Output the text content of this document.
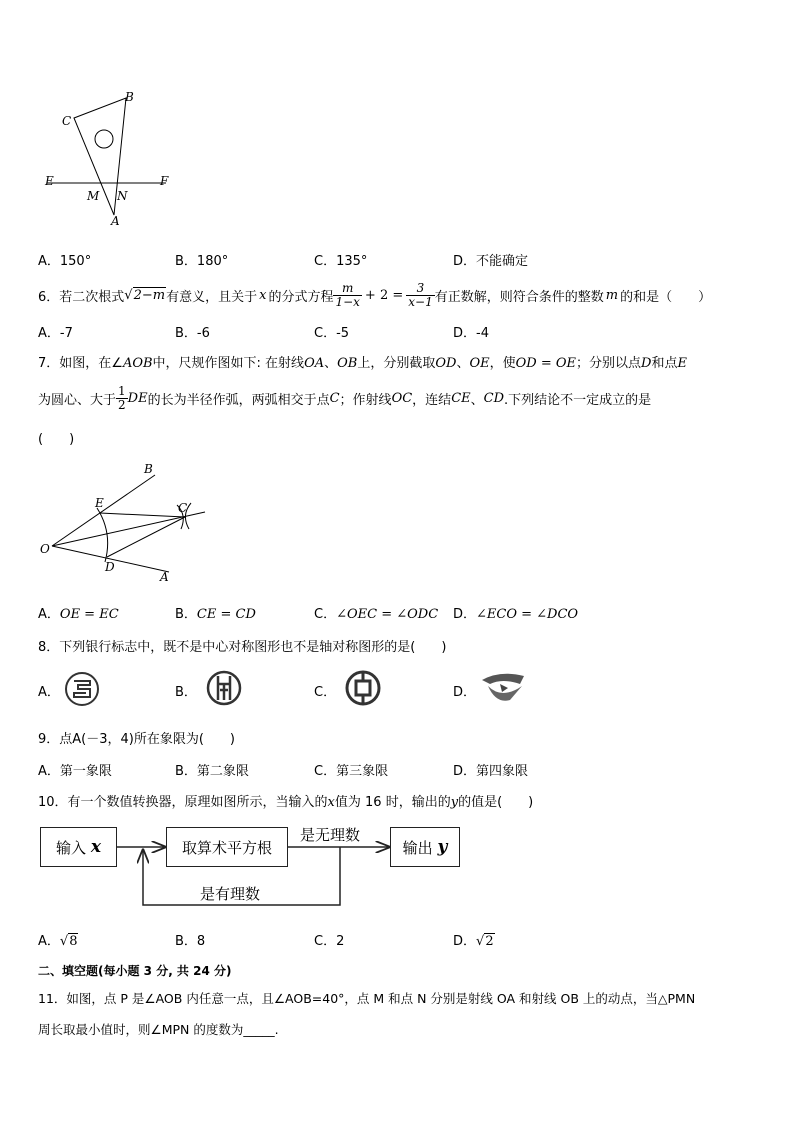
B
C
E	F
M N
A
A．150°	B．180°	C．135°	D．不能确定
6．若二次根式 √2−m 有意义，且关于 x 的分式方程 $\frac{m}{1-x} + 2 = \frac{3}{x-1}$ 有正数解，则符合条件的整数 m 的和是（　　）
A．-7	B．-6	C．-5	D．-4
7．如图，在∠AOB中，尺规作图如下: 在射线OA、OB上，分别截取OD、OE，使OD = OE；分别以点D和点E
为圆心、大于 $\frac{1}{2}$ DE 的长为半径作弧，两弧相交于点 C ；作射线 OC ，连结 CE 、 CD .下列结论不一定成立的是
(　　)
B
E	C
O
D
A
A．OE = EC	B．CE = CD	C．∠OEC = ∠ODC D．∠ECO = ∠DCO
8．下列银行标志中，既不是中心对称图形也不是轴对称图形的是(　　)
A．	B．	C．	D．
9．点A(－3，4)所在象限为(　　)
A．第一象限	B．第二象限	C．第三象限	D．第四象限
10．有一个数值转换器，原理如图所示，当输入的x值为 16 时，输出的y的值是(　　)
输入
x	取算术平方根	输出
y
是无理数
是有理数
A．√8	B．8	C．2	D．√2
二、填空题(每小题 3 分, 共 24 分)
11．如图，点 P 是∠AOB 内任意一点，且∠AOB=40°，点 M 和点 N 分别是射线 OA 和射线 OB 上的动点，当△PMN
周长取最小值时，则∠MPN 的度数为_____.
